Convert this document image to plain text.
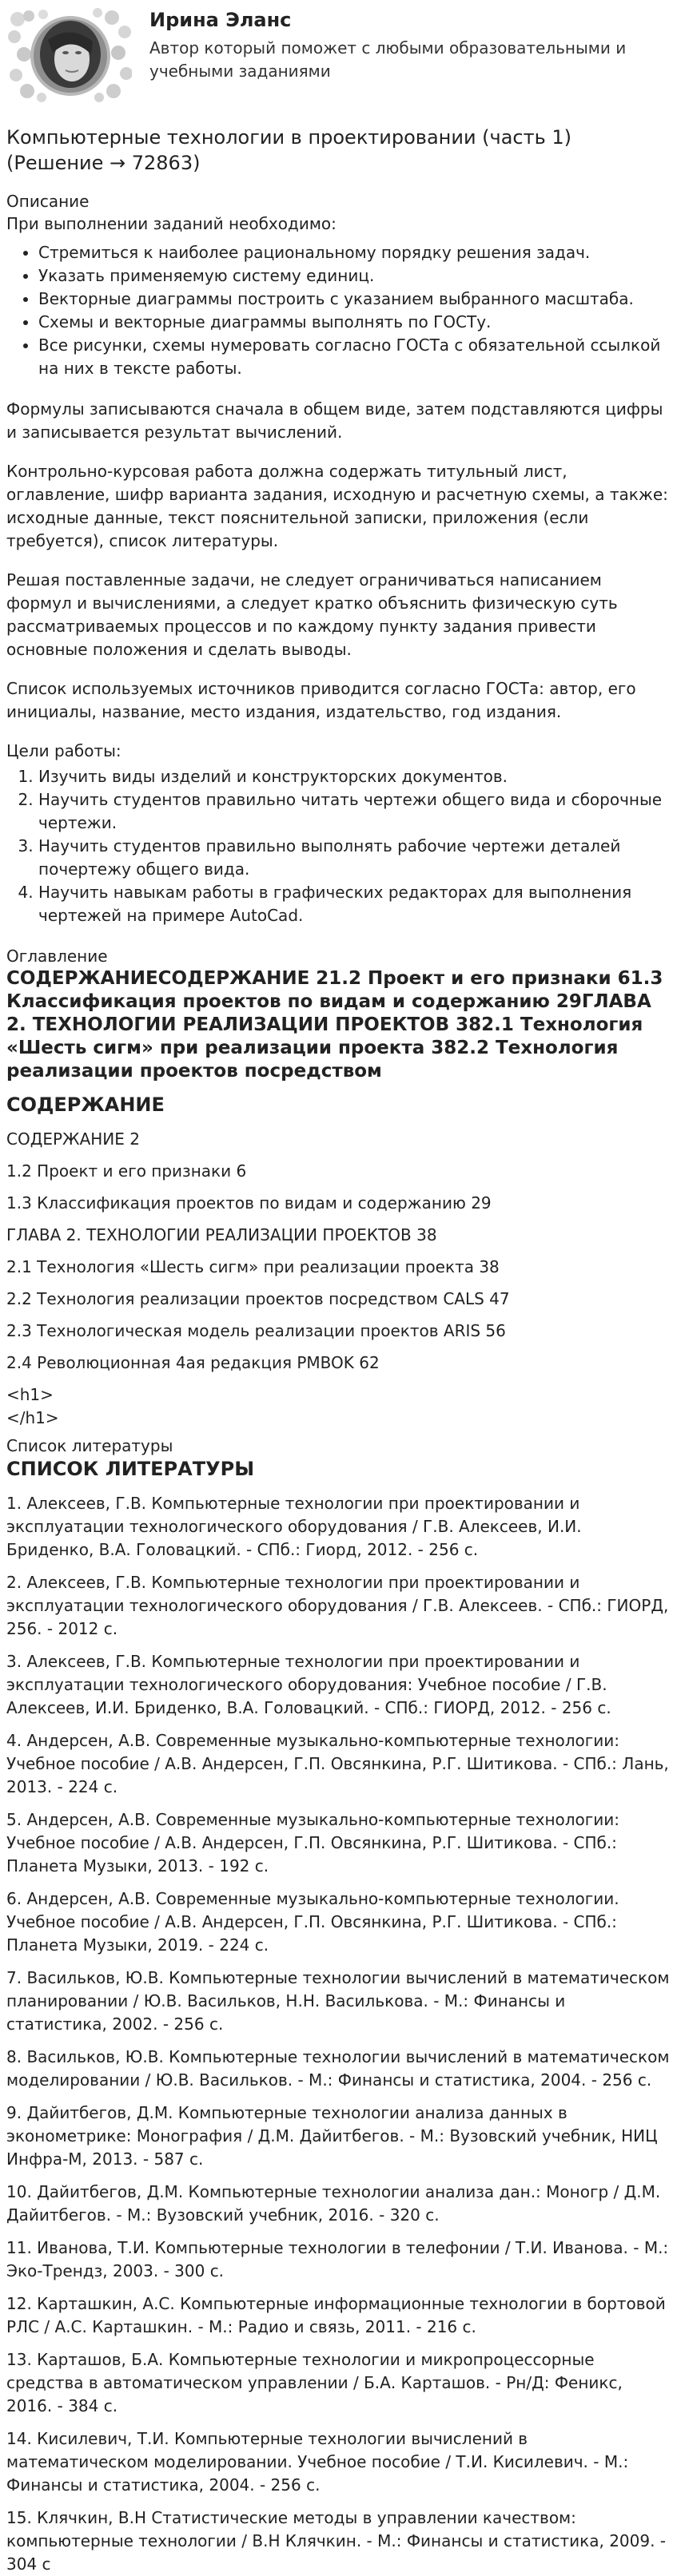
Ирина Эланс
Автор который поможет с любыми образовательными и учебными заданиями
Компьютерные технологии в проектировании (часть 1) (Решение → 72863)

Описание

При выполнении заданий необходимо:

• Стремиться к наиболее рациональному порядку решения задач.
• Указать применяемую систему единиц.
• Векторные диаграммы построить с указанием выбранного масштаба.
• Схемы и векторные диаграммы выполнять по ГОСТу.
• Все рисунки, схемы нумеровать согласно ГОСТа с обязательной ссылкой на них в тексте работы.

Формулы записываются сначала в общем виде, затем подставляются цифры и записывается результат вычислений.

Контрольно-курсовая работа должна содержать титульный лист, оглавление, шифр варианта задания, исходную и расчетную схемы, а также: исходные данные, текст пояснительной записки, приложения (если требуется), список литературы.

Решая поставленные задачи, не следует ограничиваться написанием формул и вычислениями, а следует кратко объяснить физическую суть рассматриваемых процессов и по каждому пункту задания привести основные положения и сделать выводы.

Список используемых источников приводится согласно ГОСТа: автор, его инициалы, название, место издания, издательство, год издания.

Цели работы:

1. Изучить виды изделий и конструкторских документов.
2. Научить студентов правильно читать чертежи общего вида и сборочные чертежи.
3. Научить студентов правильно выполнять рабочие чертежи деталей почертежу общего вида.
4. Научить навыкам работы в графических редакторах для выполнения чертежей на примере AutoCad.

Оглавление

СОДЕРЖАНИЕСОДЕРЖАНИЕ 21.2 Проект и его признаки 61.3 Классификация проектов по видам и содержанию 29ГЛАВА 2. ТЕХНОЛОГИИ РЕАЛИЗАЦИИ ПРОЕКТОВ 382.1 Технология «Шесть сигм» при реализации проекта 382.2 Технология реализации проектов посредством
СОДЕРЖАНИЕ

СОДЕРЖАНИЕ 2

1.2 Проект и его признаки 6

1.3 Классификация проектов по видам и содержанию 29

ГЛАВА 2. ТЕХНОЛОГИИ РЕАЛИЗАЦИИ ПРОЕКТОВ 38

2.1 Технология «Шесть сигм» при реализации проекта 38

2.2 Технология реализации проектов посредством CALS 47

2.3 Технологическая модель реализации проектов ARIS 56

2.4 Революционная 4ая редакция PMBOK 62

<h1>

</h1>

Список литературы

СПИСОК ЛИТЕРАТУРЫ

1. Алексеев, Г.В. Компьютерные технологии при проектировании и эксплуатации технологического оборудования / Г.В. Алексеев, И.И. Бриденко, В.А. Головацкий. - СПб.: Гиорд, 2012. - 256 c.

2. Алексеев, Г.В. Компьютерные технологии при проектировании и эксплуатации технологического оборудования / Г.В. Алексеев. - СПб.: ГИОРД, 256. - 2012 c.

3. Алексеев, Г.В. Компьютерные технологии при проектировании и эксплуатации технологического оборудования: Учебное пособие / Г.В. Алексеев, И.И. Бриденко, В.А. Головацкий. - СПб.: ГИОРД, 2012. - 256 c.

4. Андерсен, А.В. Современные музыкально-компьютерные технологии: Учебное пособие / А.В. Андерсен, Г.П. Овсянкина, Р.Г. Шитикова. - СПб.: Лань, 2013. - 224 c.

5. Андерсен, А.В. Современные музыкально-компьютерные технологии: Учебное пособие / А.В. Андерсен, Г.П. Овсянкина, Р.Г. Шитикова. - СПб.: Планета Музыки, 2013. - 192 c.

6. Андерсен, А.В. Современные музыкально-компьютерные технологии. Учебное пособие / А.В. Андерсен, Г.П. Овсянкина, Р.Г. Шитикова. - СПб.: Планета Музыки, 2019. - 224 c.

7. Васильков, Ю.В. Компьютерные технологии вычислений в математическом планировании / Ю.В. Васильков, Н.Н. Василькова. - М.: Финансы и статистика, 2002. - 256 c.

8. Васильков, Ю.В. Компьютерные технологии вычислений в математическом моделировании / Ю.В. Васильков. - М.: Финансы и статистика, 2004. - 256 c.

9. Дайитбегов, Д.М. Компьютерные технологии анализа данных в эконометрике: Монография / Д.М. Дайитбегов. - М.: Вузовский учебник, НИЦ Инфра-М, 2013. - 587 c.

10. Дайитбегов, Д.М. Компьютерные технологии анализа дан.: Моногр / Д.М. Дайитбегов. - М.: Вузовский учебник, 2016. - 320 c.

11. Иванова, Т.И. Компьютерные технологии в телефонии / Т.И. Иванова. - М.: Эко-Трендз, 2003. - 300 c.

12. Карташкин, А.С. Компьютерные информационные технологии в бортовой РЛС / А.С. Карташкин. - М.: Радио и связь, 2011. - 216 c.

13. Карташов, Б.А. Компьютерные технологии и микропроцессорные средства в автоматическом управлении / Б.А. Карташов. - Рн/Д: Феникс, 2016. - 384 c.

14. Кисилевич, Т.И. Компьютерные технологии вычислений в математическом моделировании. Учебное пособие / Т.И. Кисилевич. - М.: Финансы и статистика, 2004. - 256 c.

15. Клячкин, В.Н Статистические методы в управлении качеством: компьютерные технологии / В.Н Клячкин. - М.: Финансы и статистика, 2009. - 304 c
